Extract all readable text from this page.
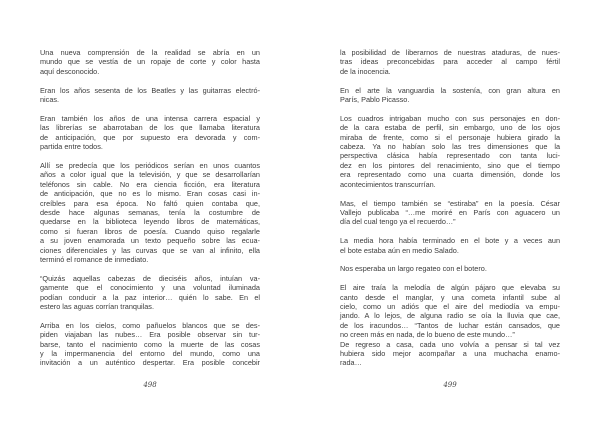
Una nueva comprensión de la realidad se abría en un
mundo que se vestía de un ropaje de corte y color hasta
aquí desconocido.
Eran los años sesenta de los Beatles y las guitarras electró-
nicas.
Eran también los años de una intensa carrera espacial y
las librerías se abarrotaban de los que llamaba literatura
de anticipación, que por supuesto era devorada y com-
partida entre todos.
Allí se predecía que los periódicos serían en unos cuantos
años a color igual que la televisión, y que se desarrollarían
teléfonos sin cable. No era ciencia ficción, era literatura
de anticipación, que no es lo mismo. Eran cosas casi in-
creíbles para esa época. No faltó quien contaba que,
desde hace algunas semanas, tenía la costumbre de
quedarse en la biblioteca leyendo libros de matemáticas,
como si fueran libros de poesía. Cuando quiso regalarle
a su joven enamorada un texto pequeño sobre las ecua-
ciones diferenciales y las curvas que se van al infinito, ella
terminó el romance de inmediato.
“Quizás aquellas cabezas de dieciséis años, intuían va-
gamente que el conocimiento y una voluntad iluminada
podían conducir a la paz interior… quién lo sabe. En el
estero las aguas corrían tranquilas.
Arriba en los cielos, como pañuelos blancos que se des-
piden viajaban las nubes… Era posible observar sin tur-
barse, tanto el nacimiento como la muerte de las cosas
y la impermanencia del entorno del mundo, como una
invitación a un auténtico despertar. Era posible concebir
la posibilidad de liberarnos de nuestras ataduras, de nues-
tras ideas preconcebidas para acceder al campo fértil
de la inocencia.
En el arte la vanguardia la sostenía, con gran altura en
París, Pablo Picasso.
Los cuadros intrigaban mucho con sus personajes en don-
de la cara estaba de perfil, sin embargo, uno de los ojos
miraba de frente, como si el personaje hubiera girado la
cabeza. Ya no habían solo las tres dimensiones que la
perspectiva clásica había representado con tanta luci-
dez en los pintores del renacimiento, sino que el tiempo
era representado como una cuarta dimensión, donde los
acontecimientos transcurrían.
Mas, el tiempo también se “estiraba” en la poesía. César
Vallejo publicaba “…me moriré en París con aguacero un
día del cual tengo ya el recuerdo…”
La media hora había terminado en el bote y a veces aun
el bote estaba aún en medio Salado.
Nos esperaba un largo regateo con el botero.
El aire traía la melodía de algún pájaro que elevaba su
canto desde el manglar, y una cometa infantil sube al
cielo, como un adiós que el aire del mediodía va empu-
jando. A lo lejos, de alguna radio se oía la lluvia que cae,
de los iracundos… “Tantos de luchar están cansados, que
no creen más en nada, de lo bueno de este mundo…”
De regreso a casa, cada uno volvía a pensar si tal vez
hubiera sido mejor acompañar a una muchacha enamo-
rada…
498	499
